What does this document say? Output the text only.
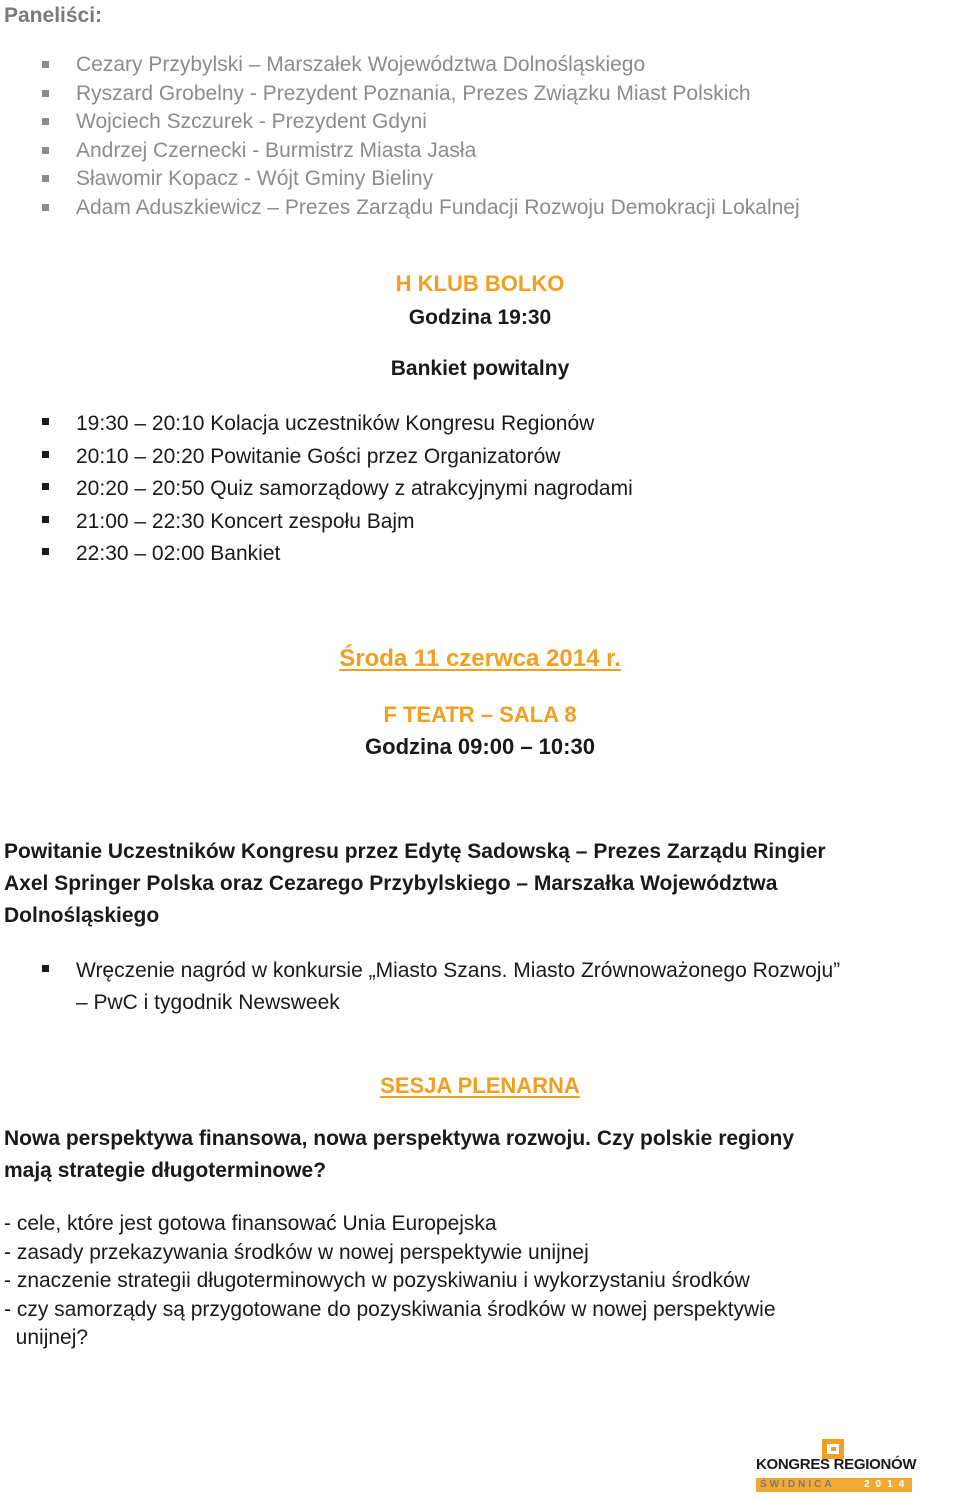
Paneliści:
Cezary Przybylski – Marszałek Województwa Dolnośląskiego
Ryszard Grobelny - Prezydent Poznania, Prezes Związku Miast Polskich
Wojciech Szczurek - Prezydent Gdyni
Andrzej Czernecki - Burmistrz Miasta Jasła
Sławomir Kopacz - Wójt Gminy Bieliny
Adam Aduszkiewicz – Prezes Zarządu Fundacji Rozwoju Demokracji Lokalnej
H KLUB BOLKO
Godzina 19:30
Bankiet powitalny
19:30 – 20:10 Kolacja uczestników Kongresu Regionów
20:10 – 20:20 Powitanie Gości przez Organizatorów
20:20 – 20:50 Quiz samorządowy z atrakcyjnymi nagrodami
21:00 – 22:30 Koncert zespołu Bajm
22:30 – 02:00 Bankiet
Środa 11 czerwca 2014 r.
F TEATR – SALA 8
Godzina 09:00 – 10:30
Powitanie Uczestników Kongresu przez Edytę Sadowską – Prezes Zarządu Ringier
Axel Springer Polska oraz Cezarego Przybylskiego – Marszałka Województwa
Dolnośląskiego
Wręczenie nagród w konkursie „Miasto Szans. Miasto Zrównoważonego Rozwoju”
– PwC i tygodnik Newsweek
SESJA PLENARNA
Nowa perspektywa finansowa, nowa perspektywa rozwoju. Czy polskie regiony
mają strategie długoterminowe?
- cele, które jest gotowa finansować Unia Europejska
- zasady przekazywania środków w nowej perspektywie unijnej
- znaczenie strategii długoterminowych w pozyskiwaniu i wykorzystaniu środków
- czy samorządy są przygotowane do pozyskiwania środków w nowej perspektywie
unijnej?
KONGRES REGIONÓW
ŚWIDNICA	2014
